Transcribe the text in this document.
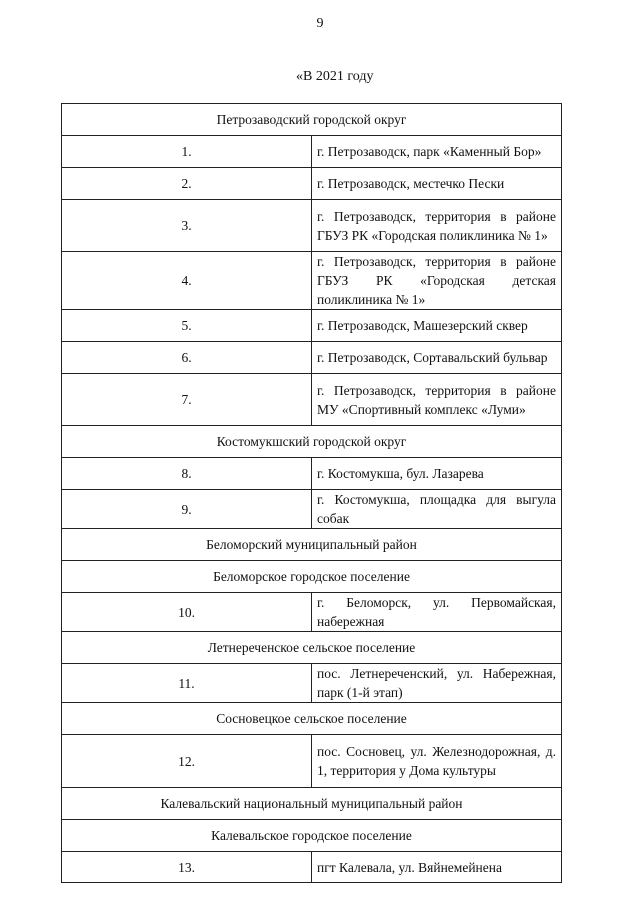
9
«В 2021 году
Петрозаводский городской округ	
1.	г. Петрозаводск, парк «Каменный Бор»
2.	г. Петрозаводск, местечко Пески
3.	г. Петрозаводск, территория в районе ГБУЗ РК «Городская поликлиника № 1»
4.	г. Петрозаводск, территория в районе ГБУЗ РК «Городская детская поликлиника № 1»
5.	г. Петрозаводск, Машезерский сквер
6.	г. Петрозаводск, Сортавальский бульвар
7.	г. Петрозаводск, территория в районе МУ «Спортивный комплекс «Луми»
Костомукшский городской округ	
8.	г. Костомукша, бул. Лазарева
9.	г. Костомукша, площадка для выгула собак
Беломорский муниципальный район	
Беломорское городское поселение	
10.	г. Беломорск, ул. Первомайская, набережная
Летнереченское сельское поселение	
11.	пос. Летнереченский, ул. Набережная, парк (1-й этап)
Сосновецкое сельское поселение	
12.	пос. Сосновец, ул. Железнодорожная, д. 1, территория у Дома культуры
Калевальский национальный муниципальный район	
Калевальское городское поселение	
13.	пгт Калевала, ул. Вяйнемейнена
